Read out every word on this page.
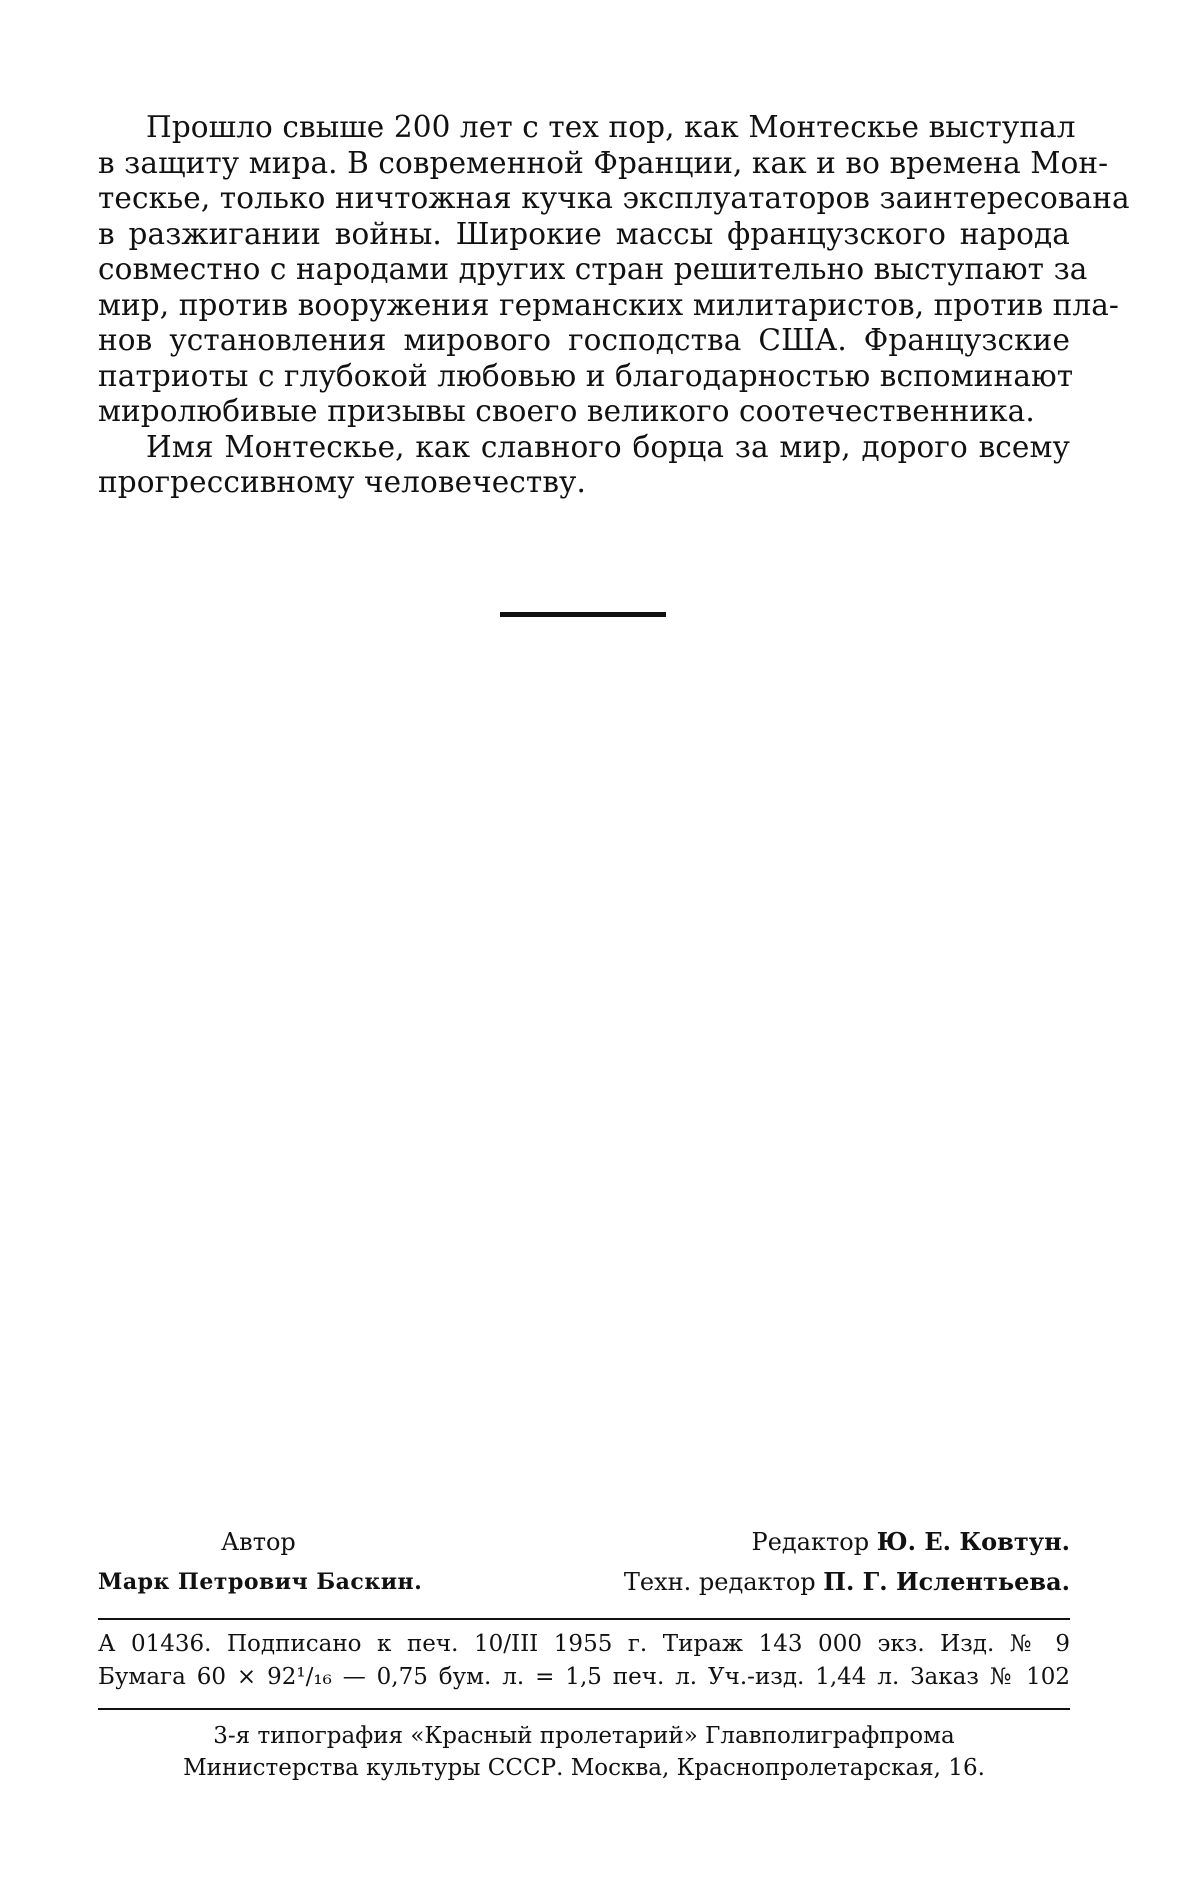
Прошло свыше 200 лет с тех пор, как Монтескье выступал
в защиту мира. В современной Франции, как и во времена Мон-
тескье, только ничтожная кучка эксплуататоров заинтересована
в разжигании войны. Широкие массы французского народа
совместно с народами других стран решительно выступают за
мир, против вооружения германских милитаристов, против пла-
нов установления мирового господства США. Французские
патриоты с глубокой любовью и благодарностью вспоминают
миролюбивые призывы своего великого соотечественника.
Имя Монтескье, как славного борца за мир, дорого всему
прогрессивному человечеству.
Автор	Редактор Ю. Е. Ковтун.
Марк Петрович Баскин.	Техн. редактор П. Г. Ислентьева.
А 01436. Подписано к печ. 10/III 1955 г. Тираж 143 000 экз. Изд. № 9
Бумага 60 × 92¹/₁₆ — 0,75 бум. л. = 1,5 печ. л. Уч.-изд. 1,44 л. Заказ № 102
3-я типография «Красный пролетарий» Главполиграфпрома
Министерства культуры СССР. Москва, Краснопролетарская, 16.
